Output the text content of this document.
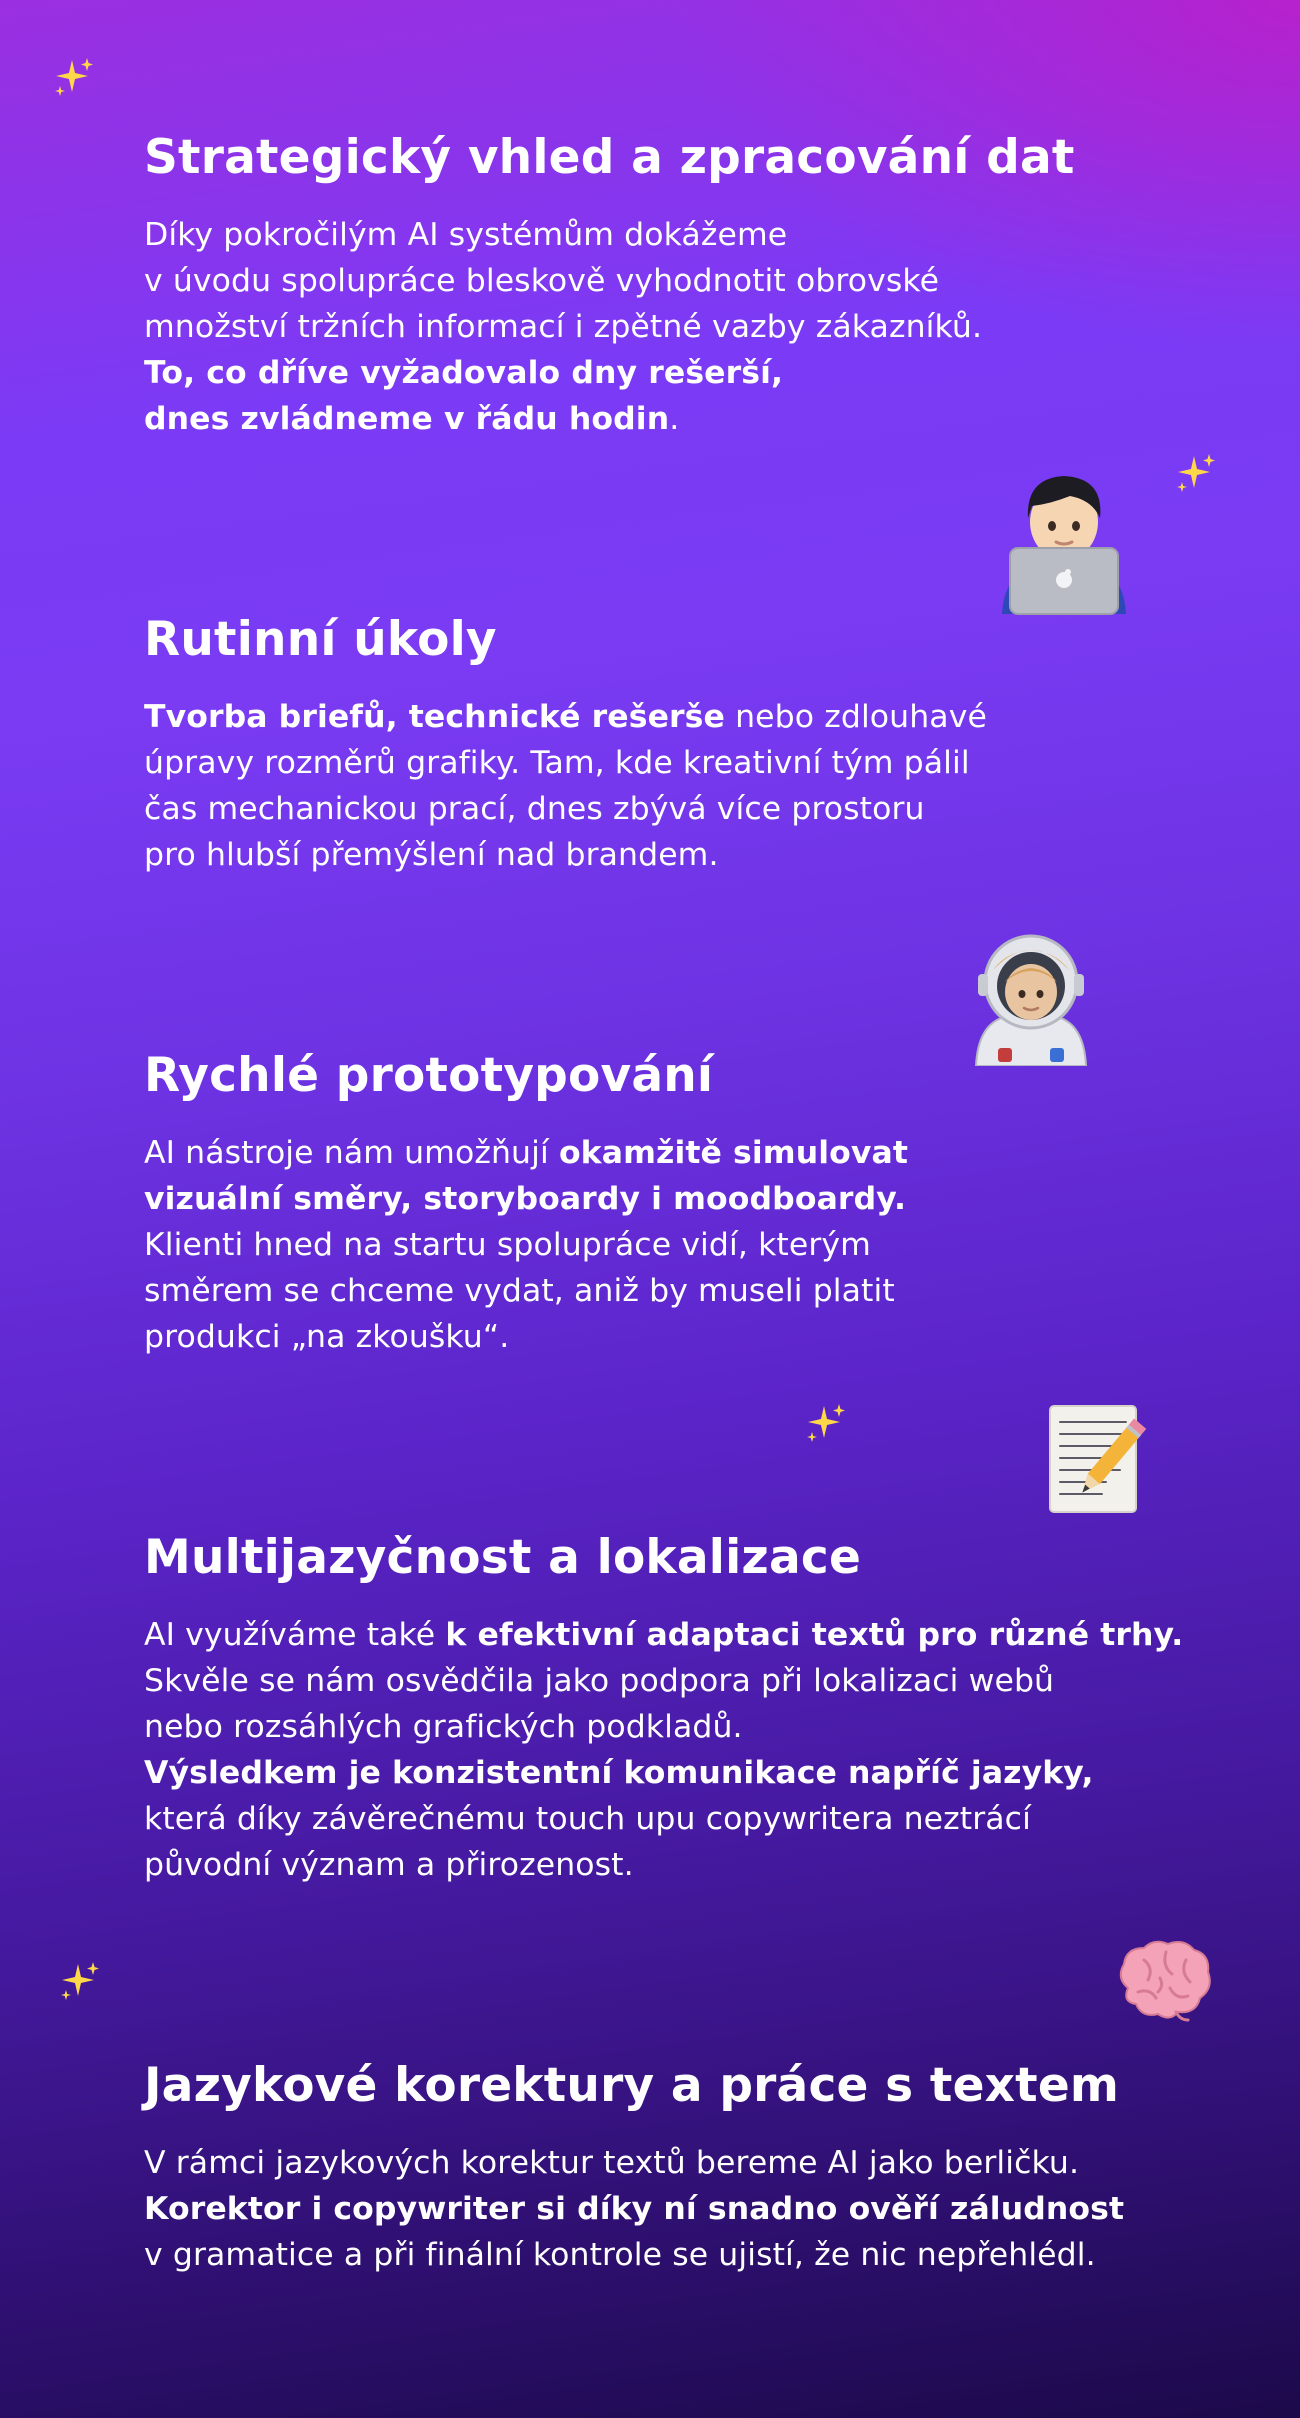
Strategický vhled a zpracování dat

Díky pokročilým AI systémům dokážeme
v úvodu spolupráce bleskově vyhodnotit obrovské
množství tržních informací i zpětné vazby zákazníků.
To, co dříve vyžadovalo dny rešerší,
dnes zvládneme v řádu hodin.

Rutinní úkoly

Tvorba briefů, technické rešerše nebo zdlouhavé
úpravy rozměrů grafiky. Tam, kde kreativní tým pálil
čas mechanickou prací, dnes zbývá více prostoru
pro hlubší přemýšlení nad brandem.

Rychlé prototypování

AI nástroje nám umožňují okamžitě simulovat
vizuální směry, storyboardy i moodboardy.
Klienti hned na startu spolupráce vidí, kterým
směrem se chceme vydat, aniž by museli platit
produkci „na zkoušku“.

Multijazyčnost a lokalizace

AI využíváme také k efektivní adaptaci textů pro různé trhy.
Skvěle se nám osvědčila jako podpora při lokalizaci webů
nebo rozsáhlých grafických podkladů.
Výsledkem je konzistentní komunikace napříč jazyky,
která díky závěrečnému touch upu copywritera neztrácí
původní význam a přirozenost.

Jazykové korektury a práce s textem

V rámci jazykových korektur textů bereme AI jako berličku.
Korektor i copywriter si díky ní snadno ověří záludnost
v gramatice a při finální kontrole se ujistí, že nic nepřehlédl.
